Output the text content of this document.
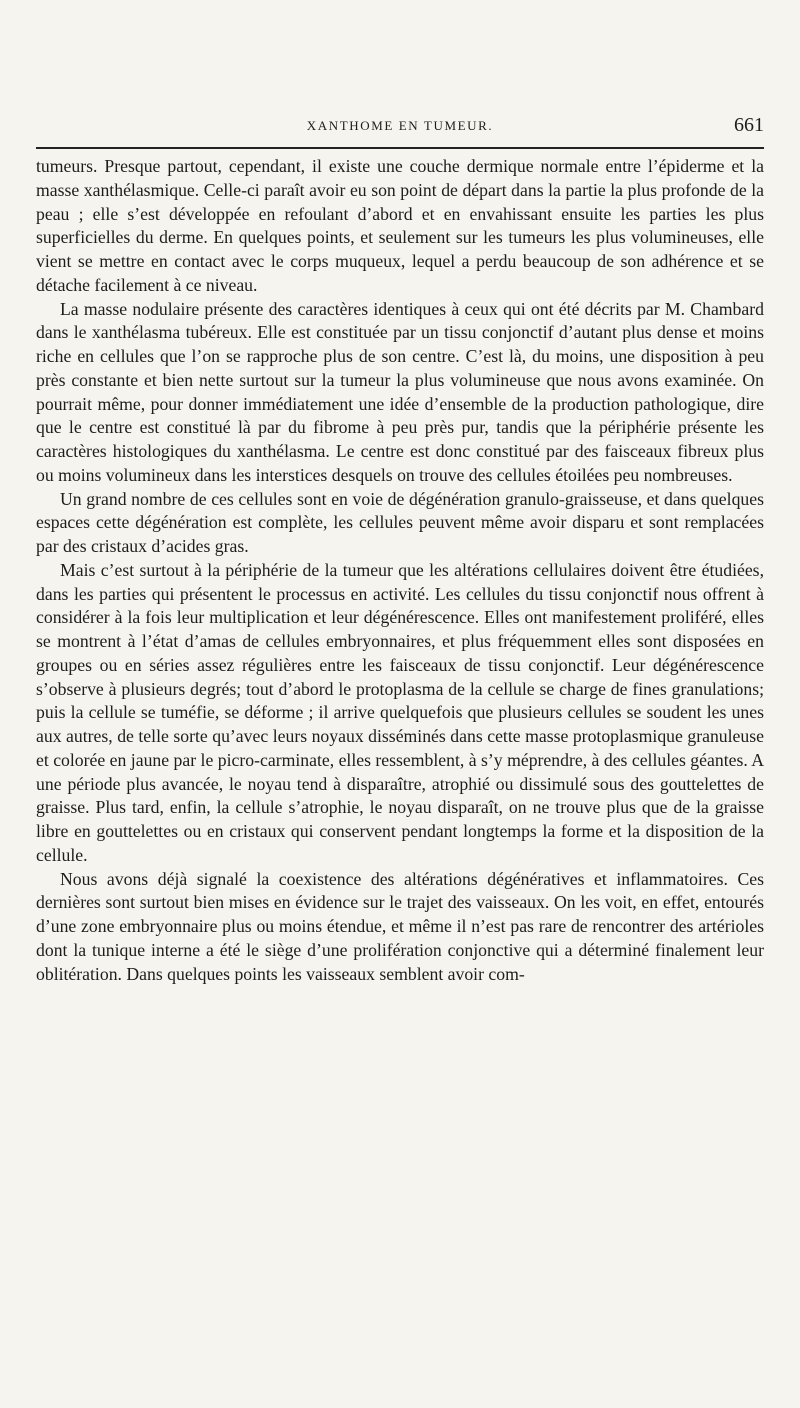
XANTHOME EN TUMEUR.	661

tumeurs. Presque partout, cependant, il existe une couche dermique normale entre l’épiderme et la masse xanthélasmique. Celle-ci paraît avoir eu son point de départ dans la partie la plus profonde de la peau ; elle s’est développée en refoulant d’abord et en envahissant ensuite les parties les plus superficielles du derme. En quelques points, et seulement sur les tumeurs les plus volumineuses, elle vient se mettre en contact avec le corps muqueux, lequel a perdu beaucoup de son adhérence et se détache facilement à ce niveau.

La masse nodulaire présente des caractères identiques à ceux qui ont été décrits par M. Chambard dans le xanthélasma tubéreux. Elle est constituée par un tissu conjonctif d’autant plus dense et moins riche en cellules que l’on se rapproche plus de son centre. C’est là, du moins, une disposition à peu près constante et bien nette surtout sur la tumeur la plus volumineuse que nous avons examinée. On pourrait même, pour donner immédiatement une idée d’ensemble de la production pathologique, dire que le centre est constitué là par du fibrome à peu près pur, tandis que la périphérie présente les caractères histologiques du xanthélasma. Le centre est donc constitué par des faisceaux fibreux plus ou moins volumineux dans les interstices desquels on trouve des cellules étoilées peu nombreuses.

Un grand nombre de ces cellules sont en voie de dégénération granulo-graisseuse, et dans quelques espaces cette dégénération est complète, les cellules peuvent même avoir disparu et sont remplacées par des cristaux d’acides gras.

Mais c’est surtout à la périphérie de la tumeur que les altérations cellulaires doivent être étudiées, dans les parties qui présentent le processus en activité. Les cellules du tissu conjonctif nous offrent à considérer à la fois leur multiplication et leur dégénérescence. Elles ont manifestement proliféré, elles se montrent à l’état d’amas de cellules embryonnaires, et plus fréquemment elles sont disposées en groupes ou en séries assez régulières entre les faisceaux de tissu conjonctif. Leur dégénérescence s’observe à plusieurs degrés; tout d’abord le protoplasma de la cellule se charge de fines granulations; puis la cellule se tuméfie, se déforme ; il arrive quelquefois que plusieurs cellules se soudent les unes aux autres, de telle sorte qu’avec leurs noyaux disséminés dans cette masse protoplasmique granuleuse et colorée en jaune par le picro-carminate, elles ressemblent, à s’y méprendre, à des cellules géantes. A une période plus avancée, le noyau tend à disparaître, atrophié ou dissimulé sous des gouttelettes de graisse. Plus tard, enfin, la cellule s’atrophie, le noyau disparaît, on ne trouve plus que de la graisse libre en gouttelettes ou en cristaux qui conservent pendant longtemps la forme et la disposition de la cellule.

Nous avons déjà signalé la coexistence des altérations dégénératives et inflammatoires. Ces dernières sont surtout bien mises en évidence sur le trajet des vaisseaux. On les voit, en effet, entourés d’une zone embryonnaire plus ou moins étendue, et même il n’est pas rare de rencontrer des artérioles dont la tunique interne a été le siège d’une prolifération conjonctive qui a déterminé finalement leur oblitération. Dans quelques points les vaisseaux semblent avoir com-
